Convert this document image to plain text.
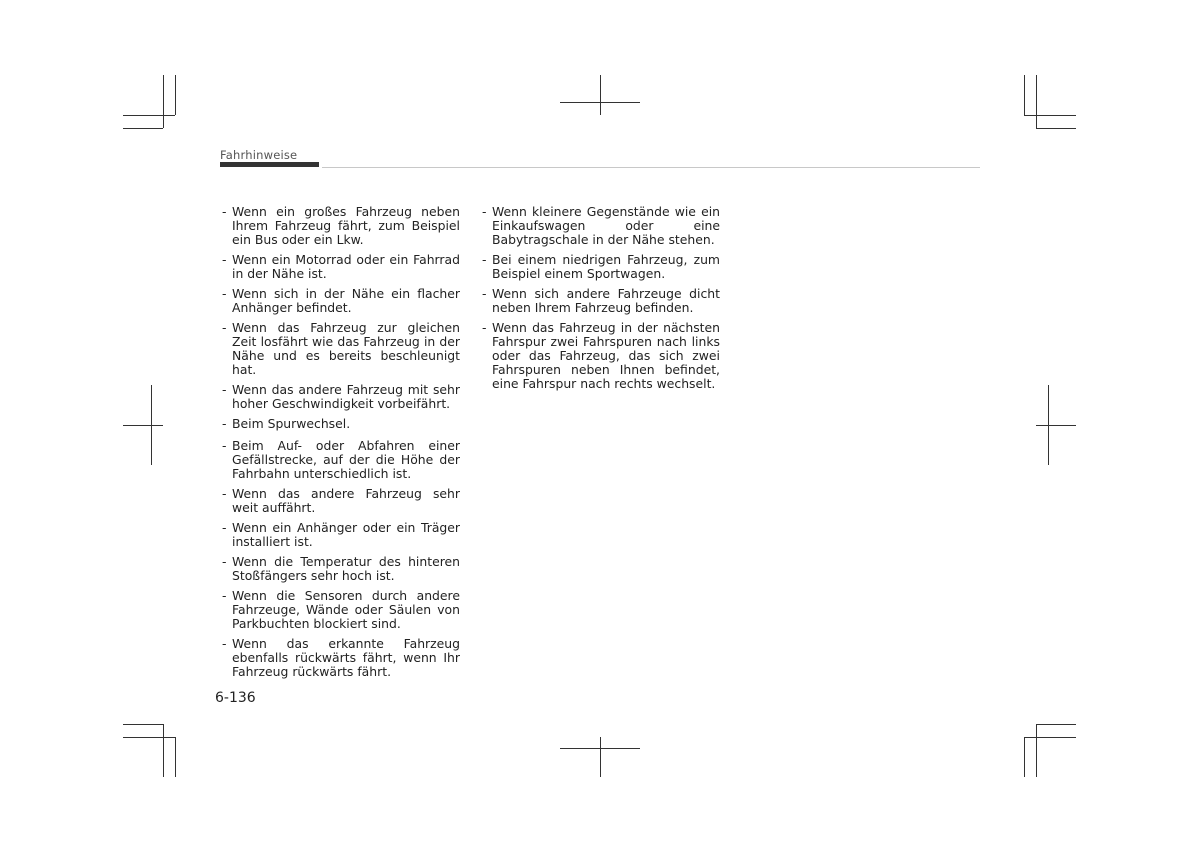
Fahrhinweise
- Wenn ein großes Fahrzeug neben Ihrem Fahrzeug fährt, zum Beispiel ein Bus oder ein Lkw.
- Wenn ein Motorrad oder ein Fahrrad in der Nähe ist.
- Wenn sich in der Nähe ein flacher Anhänger befindet.
- Wenn das Fahrzeug zur gleichen Zeit losfährt wie das Fahrzeug in der Nähe und es bereits beschleunigt hat.
- Wenn das andere Fahrzeug mit sehr hoher Geschwindigkeit vorbeifährt.
- Beim Spurwechsel.
- Beim Auf- oder Abfahren einer Gefällstrecke, auf der die Höhe der Fahrbahn unterschiedlich ist.
- Wenn das andere Fahrzeug sehr weit auffährt.
- Wenn ein Anhänger oder ein Träger installiert ist.
- Wenn die Temperatur des hinteren Stoßfängers sehr hoch ist.
- Wenn die Sensoren durch andere Fahrzeuge, Wände oder Säulen von Parkbuchten blockiert sind.
- Wenn das erkannte Fahrzeug ebenfalls rückwärts fährt, wenn Ihr Fahrzeug rückwärts fährt.
- Wenn kleinere Gegenstände wie ein Einkaufswagen oder eine Babytragschale in der Nähe stehen.
- Bei einem niedrigen Fahrzeug, zum Beispiel einem Sportwagen.
- Wenn sich andere Fahrzeuge dicht neben Ihrem Fahrzeug befinden.
- Wenn das Fahrzeug in der nächsten Fahrspur zwei Fahrspuren nach links oder das Fahrzeug, das sich zwei Fahrspuren neben Ihnen befindet, eine Fahrspur nach rechts wechselt.
6-136
